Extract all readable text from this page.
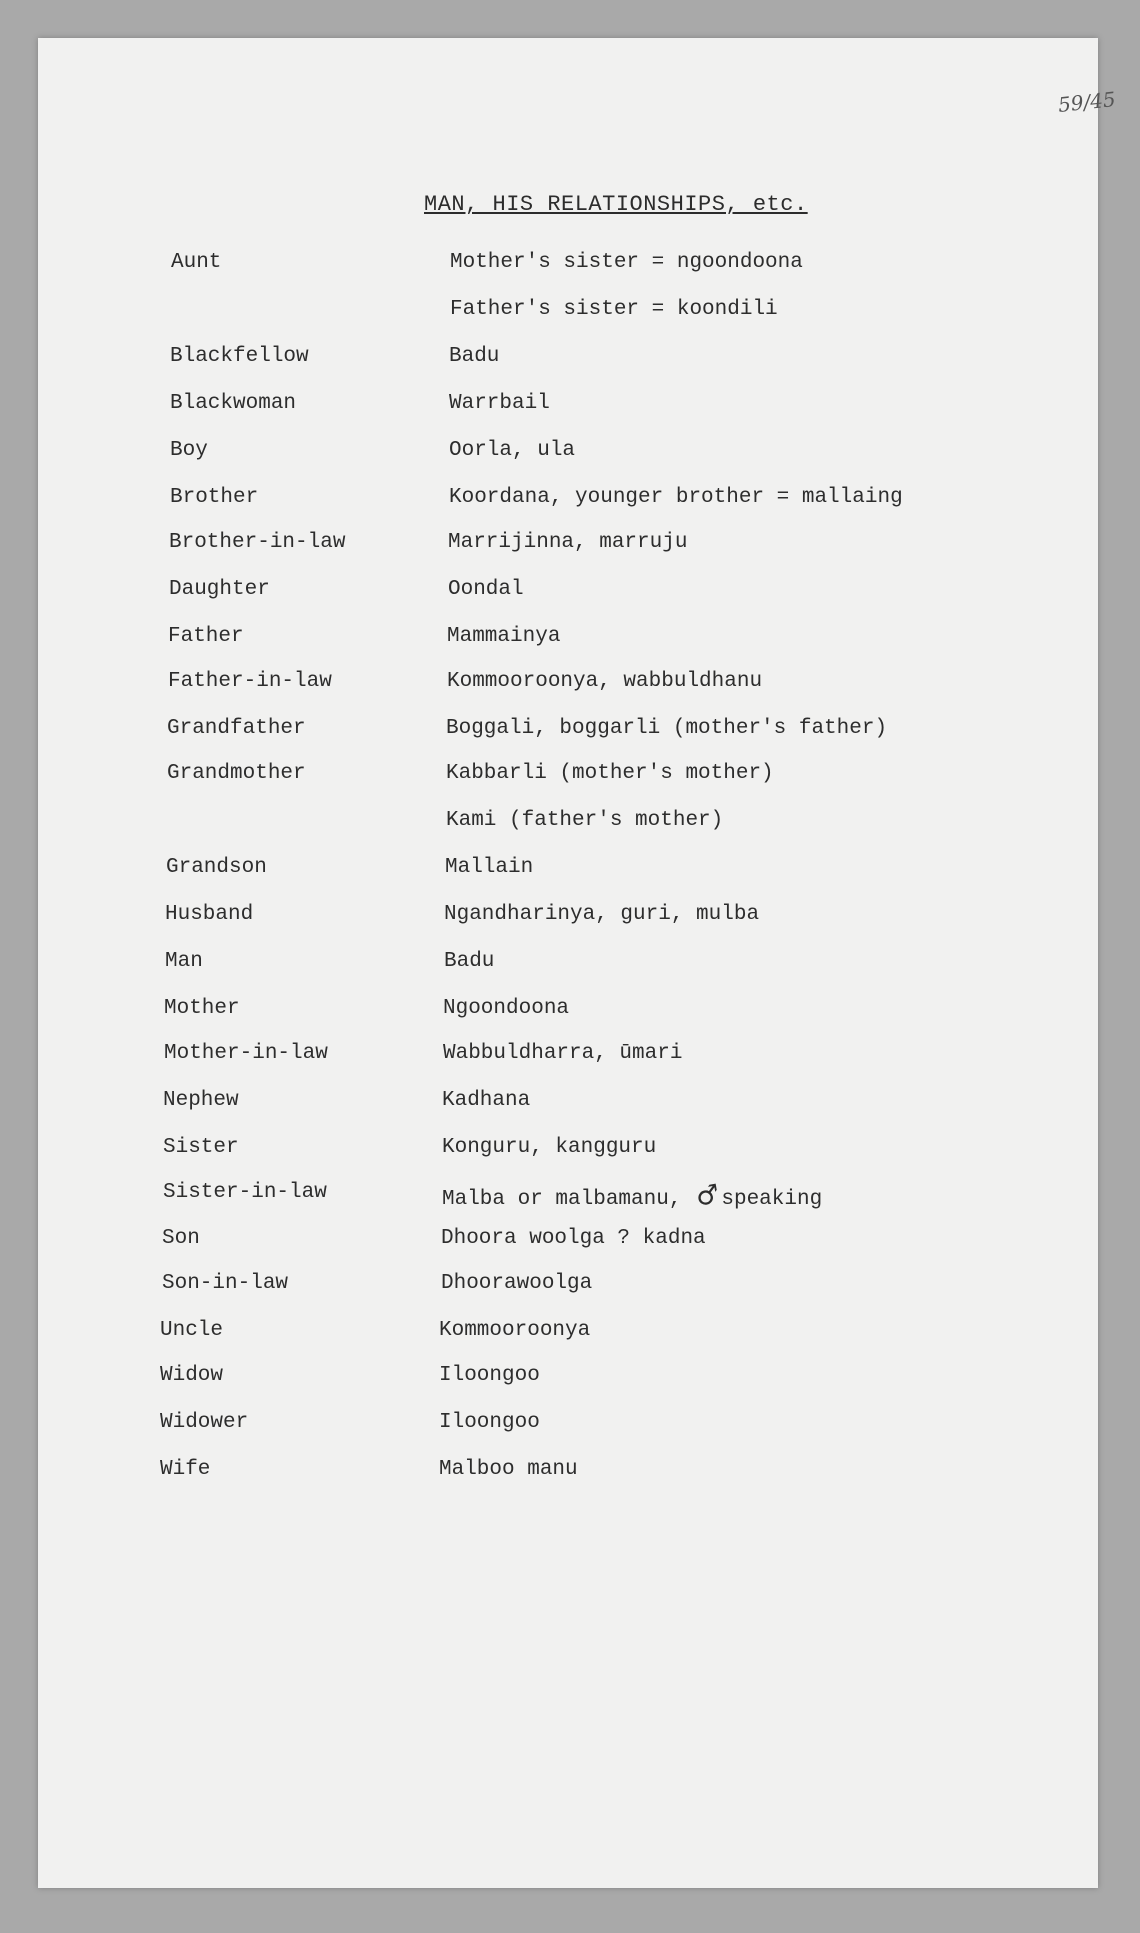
59/45
MAN, HIS RELATIONSHIPS, etc.
Aunt	Mother's sister = ngoondoona
Father's sister = koondili
Blackfellow	Badu
Blackwoman	Warrbail
Boy	Oorla, ula
Brother	Koordana, younger brother = mallaing
Brother-in-law	Marrijinna, marruju
Daughter	Oondal
Father	Mammainya
Father-in-law	Kommooroonya, wabbuldhanu
Grandfather	Boggali, boggarli (mother's father)
Grandmother	Kabbarli (mother's mother)
Kami (father's mother)
Grandson	Mallain
Husband	Ngandharinya, guri, mulba
Man	Badu
Mother	Ngoondoona
Mother-in-law	Wabbuldharra, ūmari
Nephew	Kadhana
Sister	Konguru, kangguru
Sister-in-law	Malba or malbamanu, ♂speaking
Son	Dhoora woolga ? kadna
Son-in-law	Dhoorawoolga
Uncle	Kommooroonya
Widow	Iloongoo
Widower	Iloongoo
Wife	Malboo manu
